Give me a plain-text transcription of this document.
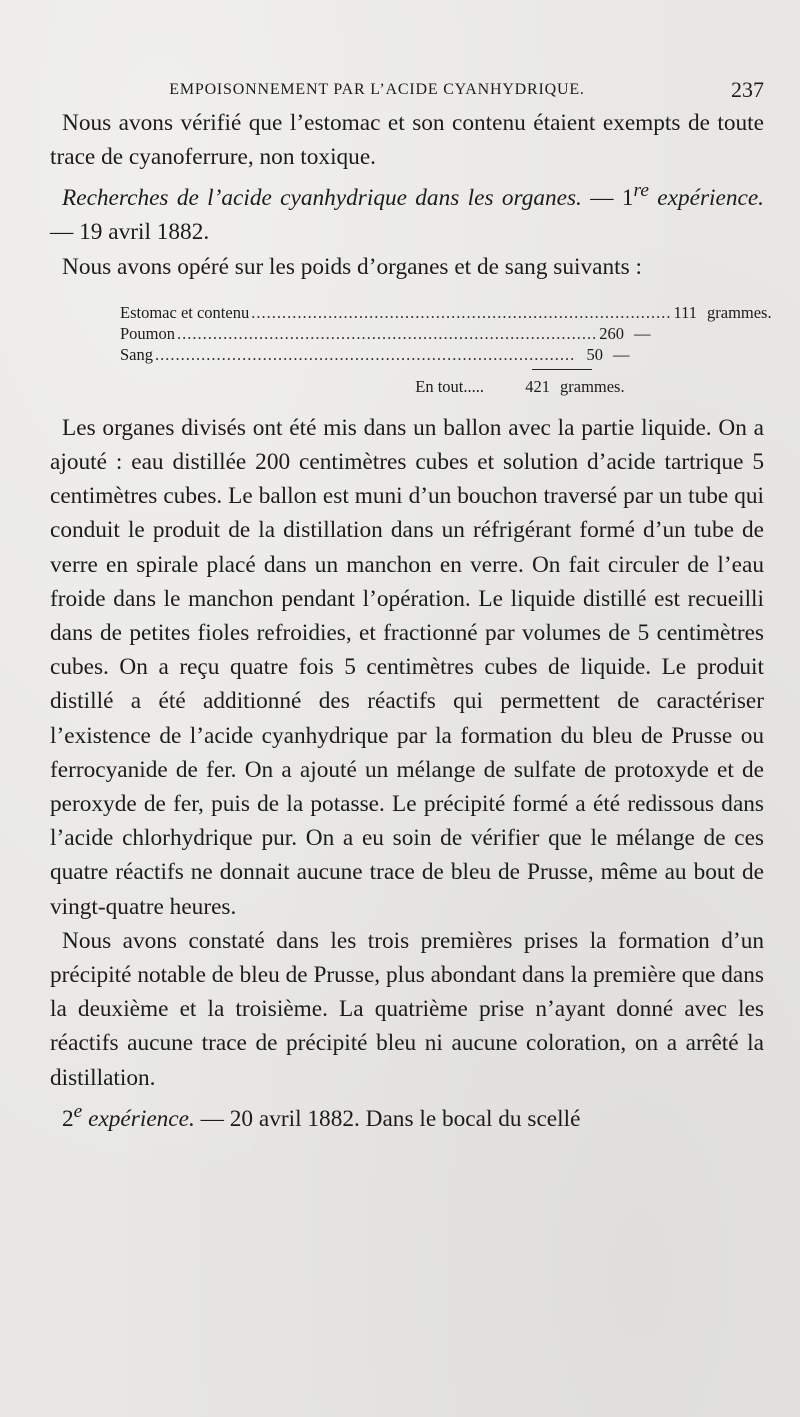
EMPOISONNEMENT PAR L’ACIDE CYANHYDRIQUE.	237

Nous avons vérifié que l’estomac et son contenu étaient exempts de toute trace de cyanoferrure, non toxique.

Recherches de l’acide cyanhydrique dans les organes. — 1re expérience. — 19 avril 1882.

Nous avons opéré sur les poids d’organes et de sang suivants :

Estomac et contenu .................................................................................. 111 grammes.
Poumon .................................................................................. 260 —
Sang .................................................................................. 50 —
En tout.....	421 grammes.

Les organes divisés ont été mis dans un ballon avec la partie liquide. On a ajouté : eau distillée 200 centimètres cubes et solution d’acide tartrique 5 centimètres cubes. Le ballon est muni d’un bouchon traversé par un tube qui conduit le produit de la distillation dans un réfrigérant formé d’un tube de verre en spirale placé dans un manchon en verre. On fait circuler de l’eau froide dans le manchon pendant l’opération. Le liquide distillé est recueilli dans de petites fioles refroidies, et fractionné par volumes de 5 centimètres cubes. On a reçu quatre fois 5 centimètres cubes de liquide. Le produit distillé a été additionné des réactifs qui permettent de caractériser l’existence de l’acide cyanhydrique par la formation du bleu de Prusse ou ferrocyanide de fer. On a ajouté un mélange de sulfate de protoxyde et de peroxyde de fer, puis de la potasse. Le précipité formé a été redissous dans l’acide chlorhydrique pur. On a eu soin de vérifier que le mélange de ces quatre réactifs ne donnait aucune trace de bleu de Prusse, même au bout de vingt-quatre heures.

Nous avons constaté dans les trois premières prises la formation d’un précipité notable de bleu de Prusse, plus abondant dans la première que dans la deuxième et la troisième. La quatrième prise n’ayant donné avec les réactifs aucune trace de précipité bleu ni aucune coloration, on a arrêté la distillation.

2e expérience. — 20 avril 1882. Dans le bocal du scellé
